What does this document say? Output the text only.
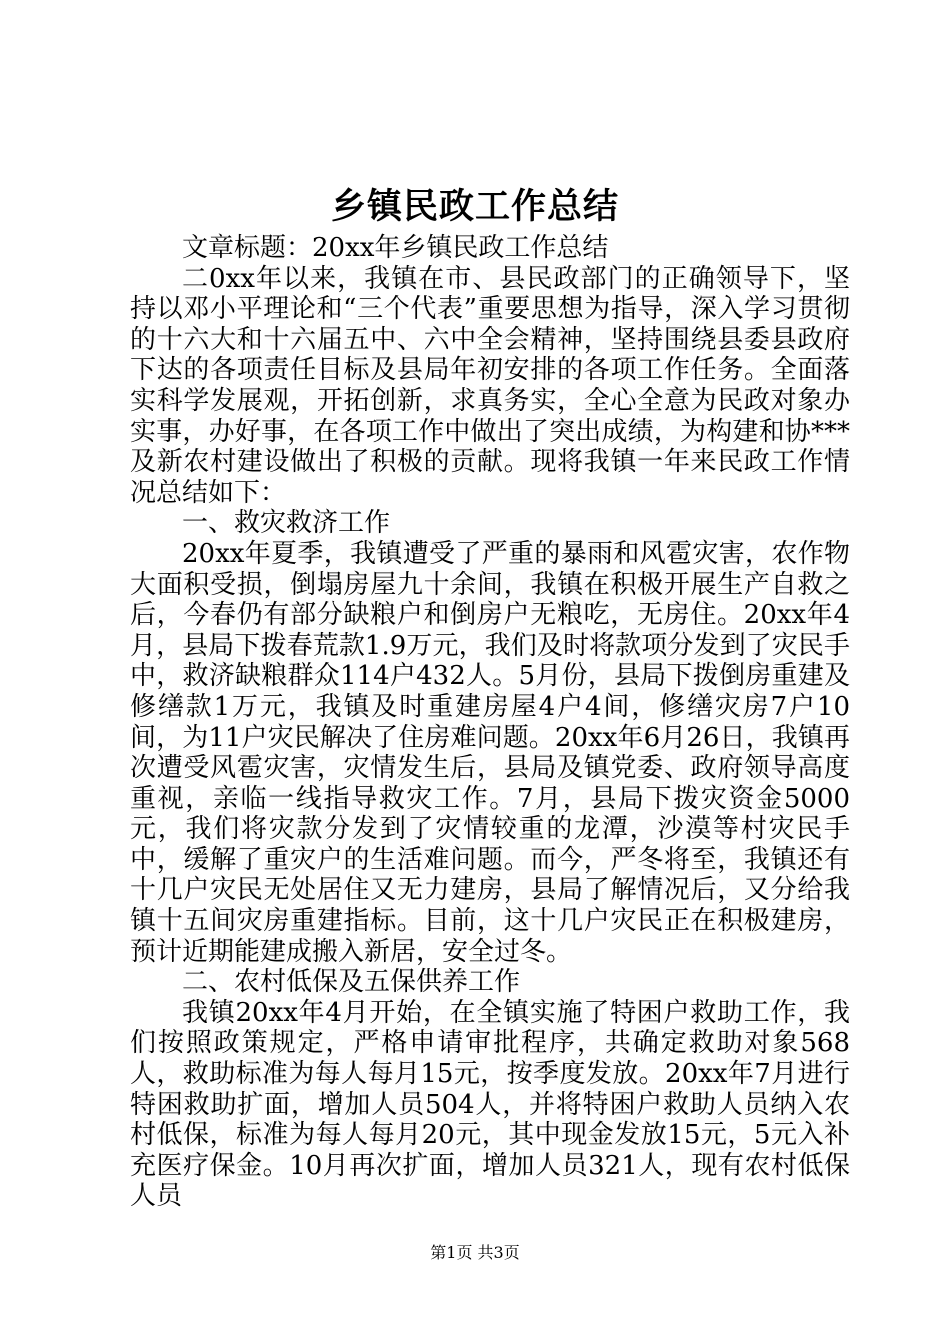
乡镇民政工作总结

文章标题：20xx年乡镇民政工作总结

二0xx年以来，我镇在市、县民政部门的正确领导下，坚持以邓小平理论和“三个代表”重要思想为指导，深入学习贯彻的十六大和十六届五中、六中全会精神，坚持围绕县委县政府下达的各项责任目标及县局年初安排的各项工作任务。全面落实科学发展观，开拓创新，求真务实，全心全意为民政对象办实事，办好事，在各项工作中做出了突出成绩，为构建和协***及新农村建设做出了积极的贡献。现将我镇一年来民政工作情况总结如下：

一、救灾救济工作

20xx年夏季，我镇遭受了严重的暴雨和风雹灾害，农作物大面积受损，倒塌房屋九十余间，我镇在积极开展生产自救之后，今春仍有部分缺粮户和倒房户无粮吃，无房住。20xx年4月，县局下拨春荒款1.9万元，我们及时将款项分发到了灾民手中，救济缺粮群众114户432人。5月份，县局下拨倒房重建及修缮款1万元，我镇及时重建房屋4户4间，修缮灾房7户10间，为11户灾民解决了住房难问题。20xx年6月26日，我镇再次遭受风雹灾害，灾情发生后，县局及镇党委、政府领导高度重视，亲临一线指导救灾工作。7月，县局下拨灾资金5000元，我们将灾款分发到了灾情较重的龙潭，沙漠等村灾民手中，缓解了重灾户的生活难问题。而今，严冬将至，我镇还有十几户灾民无处居住又无力建房，县局了解情况后，又分给我镇十五间灾房重建指标。目前，这十几户灾民正在积极建房，预计近期能建成搬入新居，安全过冬。

二、农村低保及五保供养工作

我镇20xx年4月开始，在全镇实施了特困户救助工作，我们按照政策规定，严格申请审批程序，共确定救助对象568人，救助标准为每人每月15元，按季度发放。20xx年7月进行特困救助扩面，增加人员504人，并将特困户救助人员纳入农村低保，标准为每人每月20元，其中现金发放15元，5元入补充医疗保金。10月再次扩面，增加人员321人，现有农村低保人员

第1页 共3页
